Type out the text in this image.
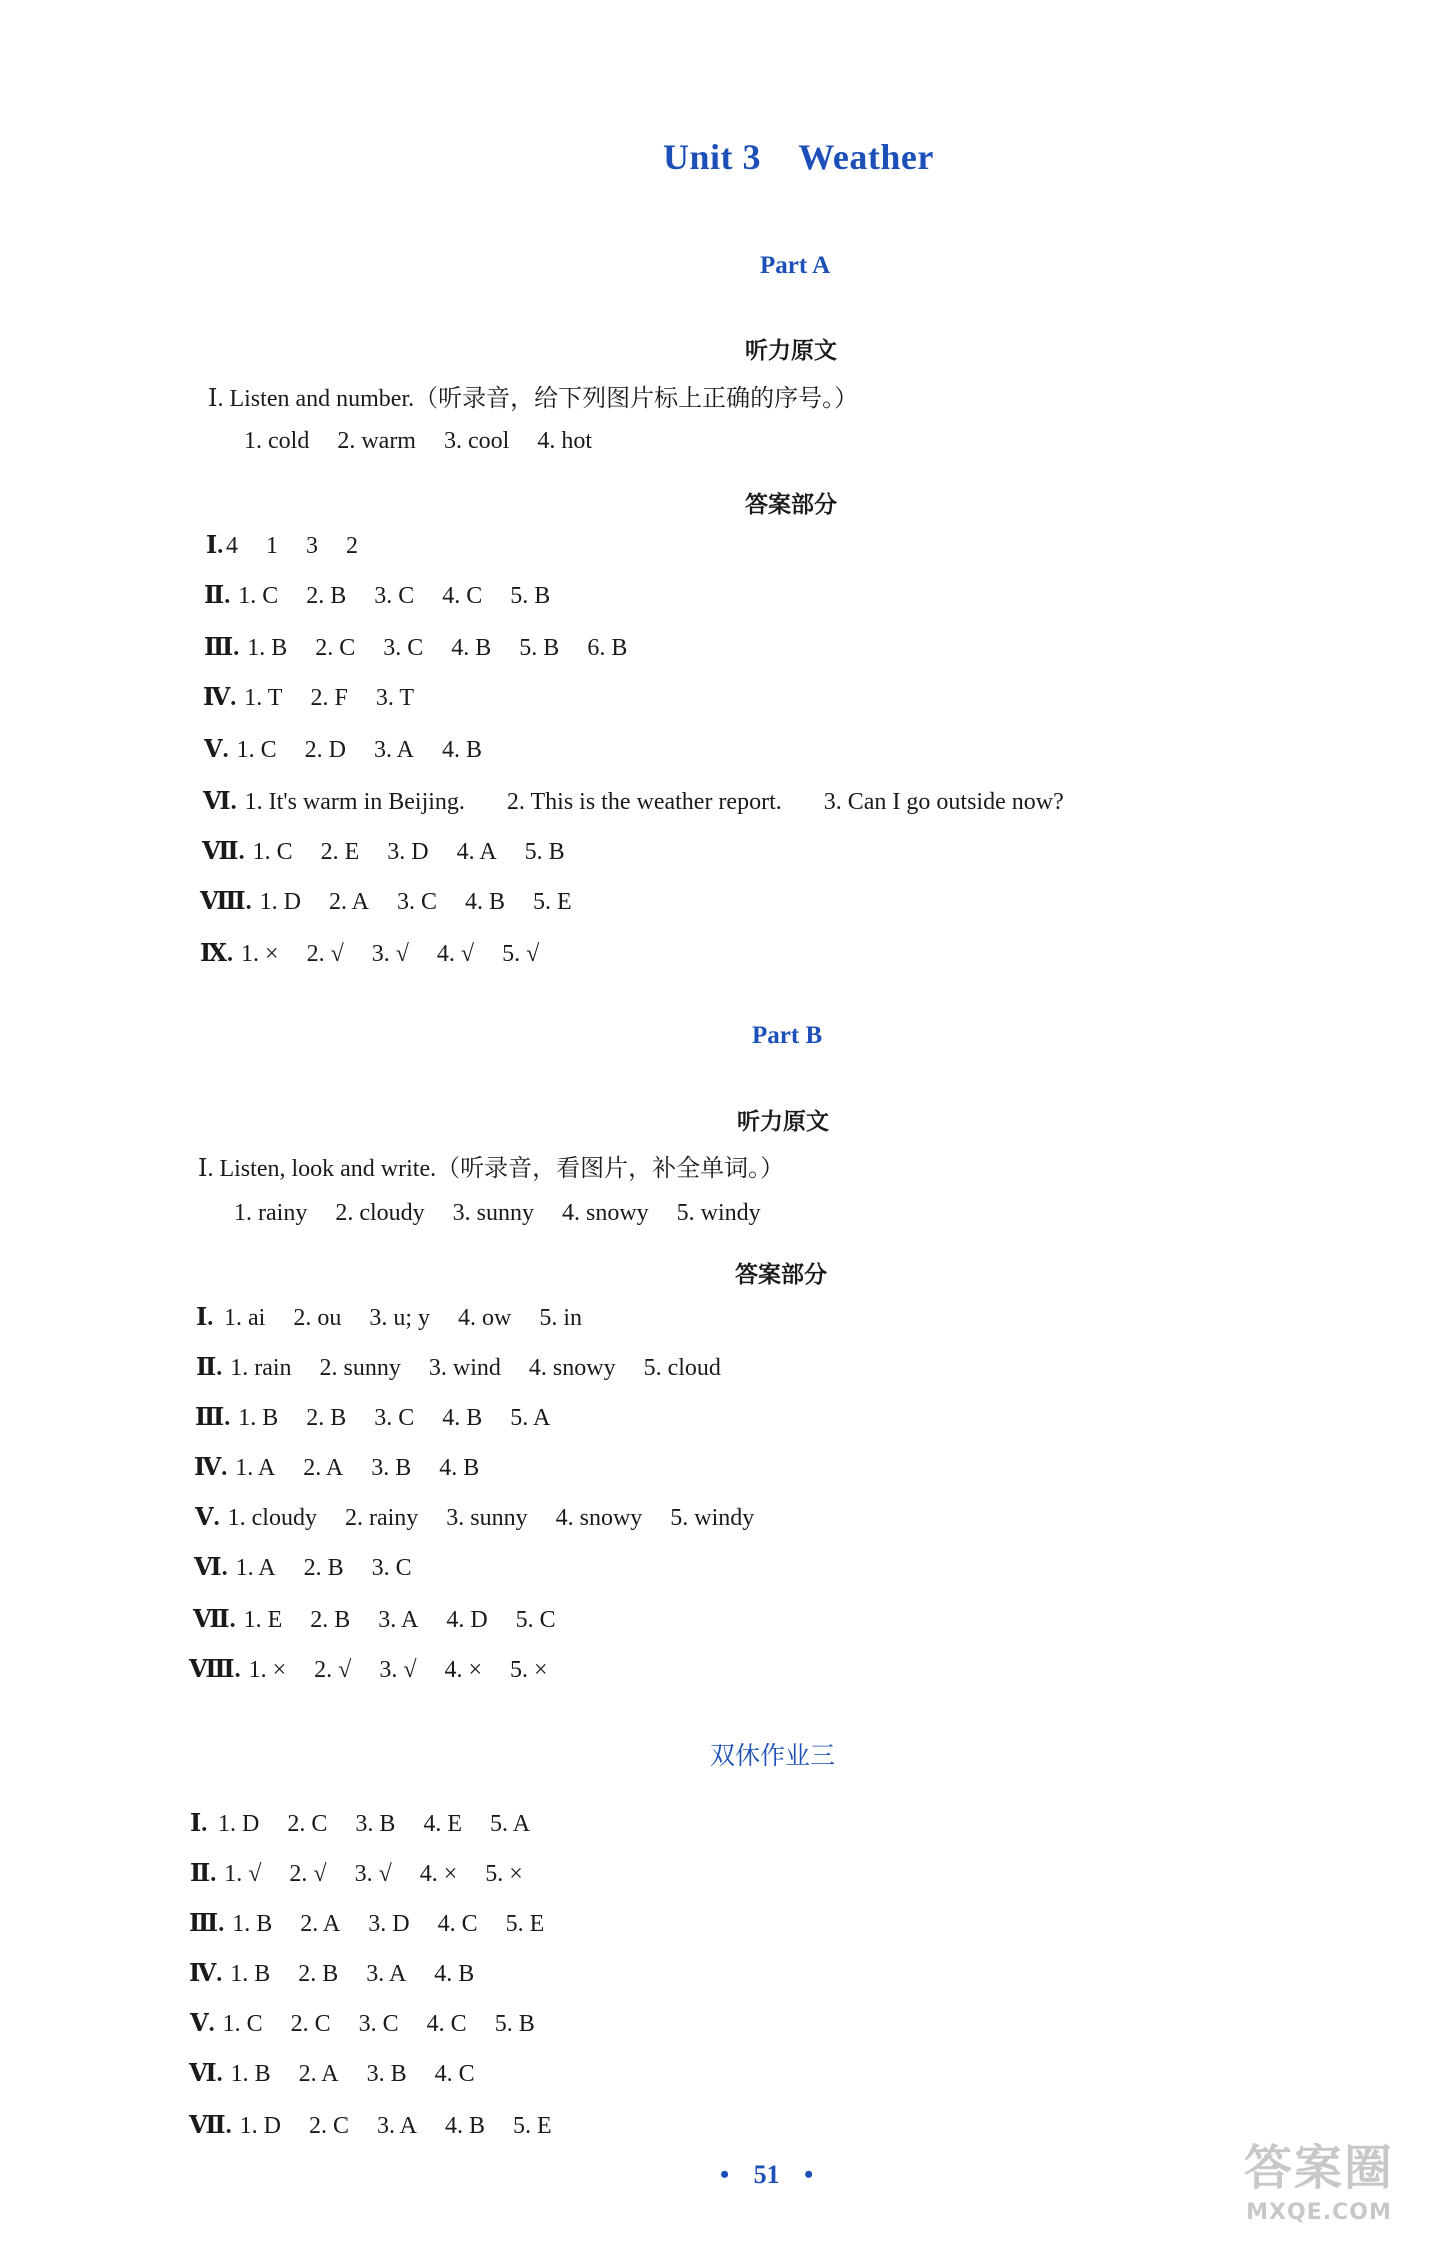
Unit 3    Weather
Part A
听力原文
Ⅰ. Listen and number.（听录音，给下列图片标上正确的序号。）
1. cold 2. warm 3. cool 4. hot
答案部分
Ⅰ. 4 1 3 2
Ⅱ. 1. C 2. B 3. C 4. C 5. B
Ⅲ. 1. B 2. C 3. C 4. B 5. B 6. B
Ⅳ. 1. T 2. F 3. T
Ⅴ. 1. C 2. D 3. A 4. B
Ⅵ. 1. It's warm in Beijing. 2. This is the weather report. 3. Can I go outside now?
Ⅶ. 1. C 2. E 3. D 4. A 5. B
Ⅷ. 1. D 2. A 3. C 4. B 5. E
Ⅸ. 1. × 2. √ 3. √ 4. √ 5. √
Part B
听力原文
Ⅰ. Listen, look and write.（听录音，看图片，补全单词。）
1. rainy 2. cloudy 3. sunny 4. snowy 5. windy
答案部分
Ⅰ. 1. ai 2. ou 3. u; y 4. ow 5. in
Ⅱ. 1. rain 2. sunny 3. wind 4. snowy 5. cloud
Ⅲ. 1. B 2. B 3. C 4. B 5. A
Ⅳ. 1. A 2. A 3. B 4. B
Ⅴ. 1. cloudy 2. rainy 3. sunny 4. snowy 5. windy
Ⅵ. 1. A 2. B 3. C
Ⅶ. 1. E 2. B 3. A 4. D 5. C
Ⅷ. 1. × 2. √ 3. √ 4. × 5. ×
双休作业三
Ⅰ. 1. D 2. C 3. B 4. E 5. A
Ⅱ. 1. √ 2. √ 3. √ 4. × 5. ×
Ⅲ. 1. B 2. A 3. D 4. C 5. E
Ⅳ. 1. B 2. B 3. A 4. B
Ⅴ. 1. C 2. C 3. C 4. C 5. B
Ⅵ. 1. B 2. A 3. B 4. C
Ⅶ. 1. D 2. C 3. A 4. B 5. E
• 51 •	答案圈
MXQE.COM
